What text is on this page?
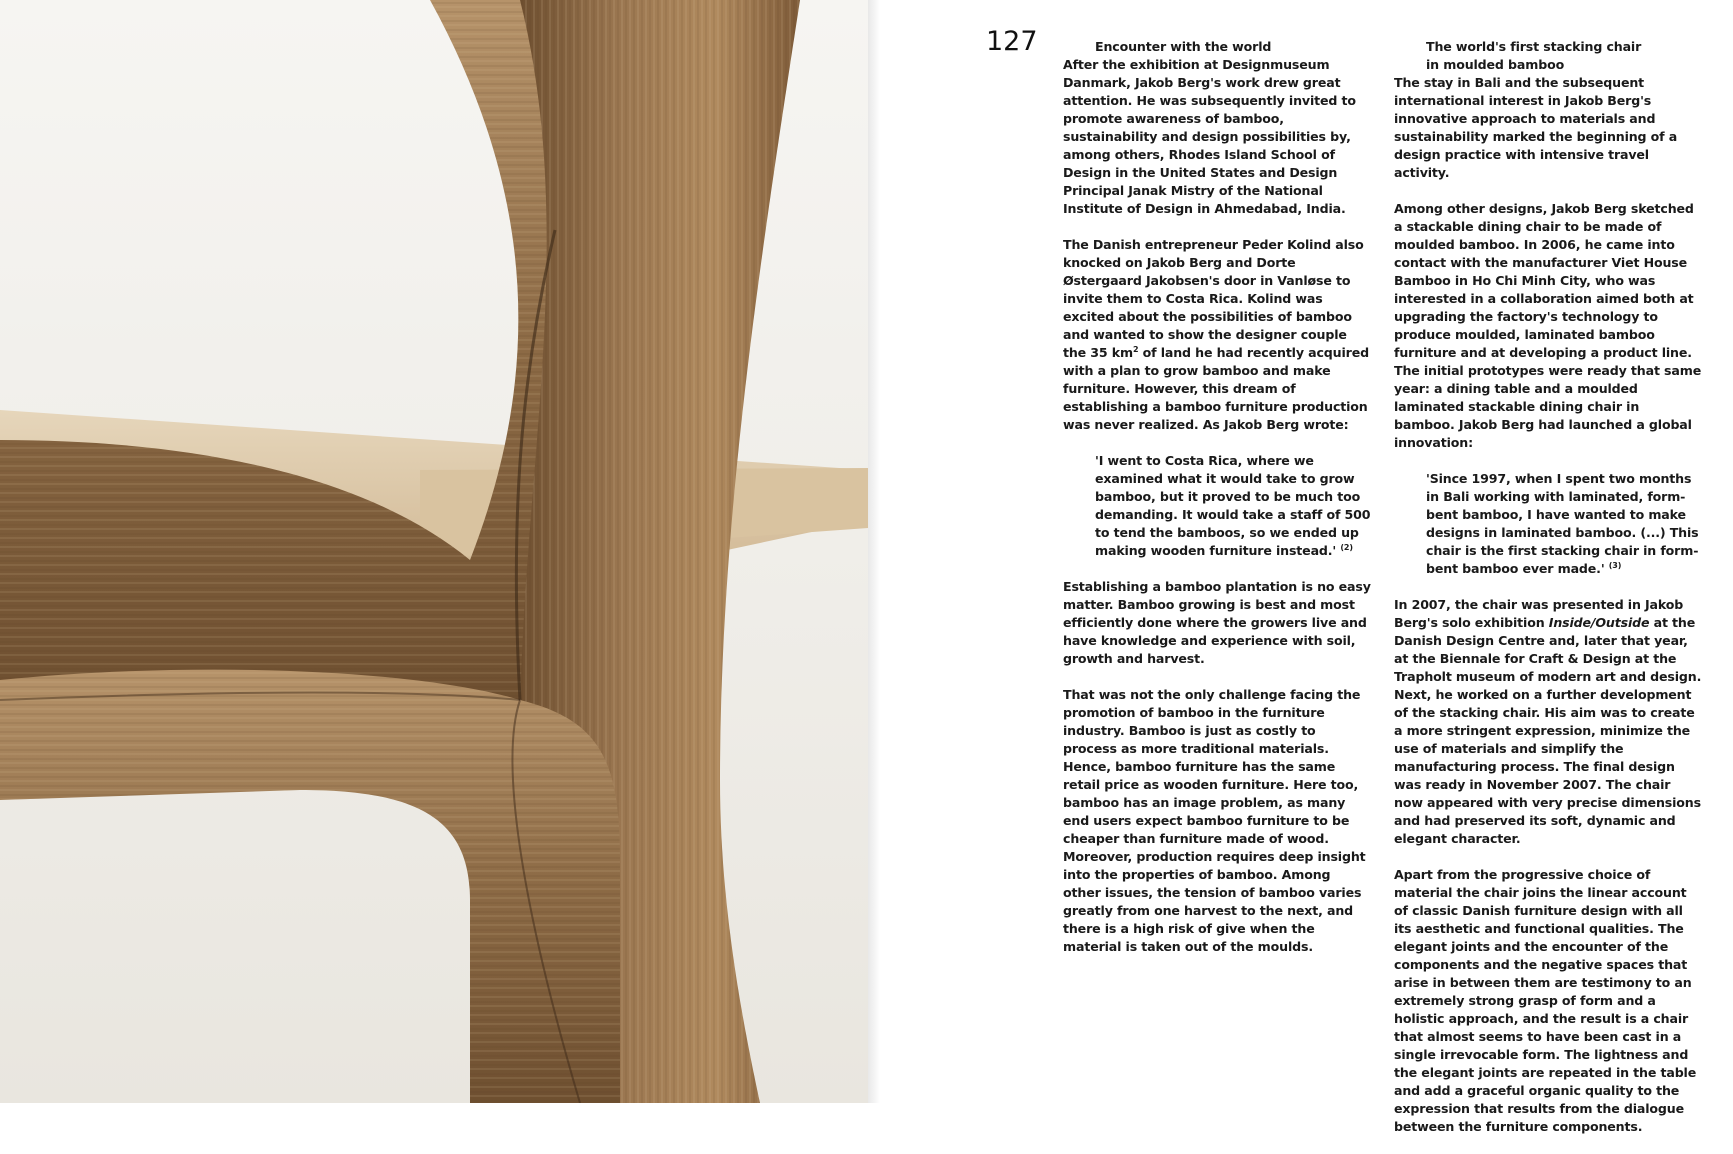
127	Encounter with the world

After the exhibition at Designmuseum Danmark, Jakob Berg's work drew great attention. He was subsequently invited to promote awareness of bamboo, sustainability and design possibilities by, among others, Rhodes Island School of Design in the United States and Design Principal Janak Mistry of the National Institute of Design in Ahmedabad, India.

The Danish entrepreneur Peder Kolind also knocked on Jakob Berg and Dorte Østergaard Jakobsen's door in Vanløse to invite them to Costa Rica. Kolind was excited about the possibilities of bamboo and wanted to show the designer couple the 35 $km^2$ of land he had recently acquired with a plan to grow bamboo and make furniture. However, this dream of establishing a bamboo furniture production was never realized. As Jakob Berg wrote:

'I went to Costa Rica, where we examined what it would take to grow bamboo, but it proved to be much too demanding. It would take a staff of 500 to tend the bamboos, so we ended up making wooden furniture instead.' $^{(2)}$

Establishing a bamboo plantation is no easy matter. Bamboo growing is best and most efficiently done where the growers live and have knowledge and experience with soil, growth and harvest.

That was not the only challenge facing the promotion of bamboo in the furniture industry. Bamboo is just as costly to process as more traditional materials. Hence, bamboo furniture has the same retail price as wooden furniture. Here too, bamboo has an image problem, as many end users expect bamboo furniture to be cheaper than furniture made of wood. Moreover, production requires deep insight into the properties of bamboo. Among other issues, the tension of bamboo varies greatly from one harvest to the next, and there is a high risk of give when the material is taken out of the moulds.

The world's first stacking chair
in moulded bamboo

The stay in Bali and the subsequent international interest in Jakob Berg's innovative approach to materials and sustainability marked the beginning of a design practice with intensive travel activity.

Among other designs, Jakob Berg sketched a stackable dining chair to be made of moulded bamboo. In 2006, he came into contact with the manufacturer Viet House Bamboo in Ho Chi Minh City, who was interested in a collaboration aimed both at upgrading the factory's technology to produce moulded, laminated bamboo furniture and at developing a product line. The initial prototypes were ready that same year: a dining table and a moulded laminated stackable dining chair in bamboo. Jakob Berg had launched a global innovation:

'Since 1997, when I spent two months in Bali working with laminated, form-bent bamboo, I have wanted to make designs in laminated bamboo. (...) This chair is the first stacking chair in form-bent bamboo ever made.' $^{(3)}$

In 2007, the chair was presented in Jakob Berg's solo exhibition Inside/Outside at the Danish Design Centre and, later that year, at the Biennale for Craft & Design at the Trapholt museum of modern art and design. Next, he worked on a further development of the stacking chair. His aim was to create a more stringent expression, minimize the use of materials and simplify the manufacturing process. The final design was ready in November 2007. The chair now appeared with very precise dimensions and had preserved its soft, dynamic and elegant character.

Apart from the progressive choice of material the chair joins the linear account of classic Danish furniture design with all its aesthetic and functional qualities. The elegant joints and the encounter of the components and the negative spaces that arise in between them are testimony to an extremely strong grasp of form and a holistic approach, and the result is a chair that almost seems to have been cast in a single irrevocable form. The lightness and the elegant joints are repeated in the table and add a graceful organic quality to the expression that results from the dialogue between the furniture components.
